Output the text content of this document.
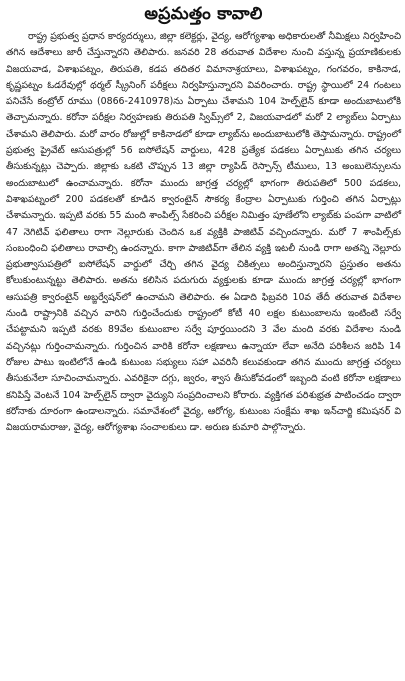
అప్రమత్తం కావాలి

రాష్ట్ర ప్రభుత్వ ప్రధాన కార్యదర్శులు, జిల్లా కలెక్టర్లు, వైద్య, ఆరోగ్యశాఖ అధికారులతో నీమిక్షలు నిర్వహించి తగిన ఆదేశాలు జారీ చేస్తున్నారని తెలిపారు. జనవరి 28 తరువాత విదేశాల నుంచి వస్తున్న ప్రయాణికులకు విజయవాడ, విశాఖపట్నం, తిరుపతి, కడప తదితర విమానాశ్రయాలు, విశాఖపట్నం, గంగవరం, కాకినాడ, కృష్ణపట్నం ఓడరేవుల్లో థర్మల్ స్క్రీనింగ్ పరీక్షలు నిర్వహిస్తున్నారని వివరించారు. రాష్ట్ర స్థాయిలో 24 గంటలు పనిచేసే కంట్రోల్ రూము (0866-2410978)ను ఏర్పాటు చేశామని 104 హెల్ప్‌లైన్ కూడా అందుబాటులోకి తెచ్చామన్నారు. కరోనా పరీక్షల నిర్వహణకు తిరుపతి స్విమ్స్‌లో 2, విజయవాడలో మరో 2 ల్యాబ్‌లు ఏర్పాటు చేశామని తెలిపారు. మరో వారం రోజుల్లో కాకినాడలో కూడా ల్యాబ్‌ను అందుబాటులోకి తెస్తామన్నారు. రాష్ట్రంలో ప్రభుత్వ ప్రైవేట్ ఆసుపత్రుల్లో 56 ఐసోలేషన్ వార్డులు, 428 ప్రత్యేక పడకలు ఏర్పాటుకు తగిన చర్యలు తీసుకున్నట్లు చెప్పారు. జిల్లాకు ఒకటి చొప్పున 13 జిల్లా ర్యాపిడ్ రెస్పాన్స్ టీములు, 13 అంబులెన్సులను అందుబాటులో ఉంచామన్నారు. కరోనా ముందు జాగ్రత్త చర్యల్లో భాగంగా తిరుపతిలో 500 పడకలు, విశాఖపట్నంలో 200 పడకలతో కూడిన క్వారంటైన్ సౌకర్య కేంద్రాల ఏర్పాటుకు గుర్తించి తగిన ఏర్పాట్లు చేశామన్నారు. ఇప్పటి వరకు 55 మంది శాంపిల్స్ సేకరించి పరీక్షల నిమిత్తం పూణేలోని ల్యాబ్‌కు పంపగా వాటిలో 47 నెగిటివ్ ఫలితాలు రాగా నెల్లూరుకు చెందిన ఒక వ్యక్తికి పాజిటివ్ వచ్చిందన్నారు. మరో 7 శాంపిల్స్‌కు సంబంధించి ఫలితాలు రావాల్సి ఉందన్నారు. కాగా పాజిటివ్‌గా తేలిన వ్యక్తి ఇటలీ నుండి రాగా అతన్ని నెల్లూరు ప్రభుత్వాసుపత్రిలో ఐసోలేషన్ వార్డులో చేర్చి తగిన వైద్య చికిత్సలు అందిస్తున్నారని ప్రస్తుతం అతను కోలుకుంటున్నట్టు తెలిపారు. అతను కలిసిన పదుగురు వ్యక్తులకు కూడా ముందు జాగ్రత్త చర్యల్లో భాగంగా ఆసుపత్రి క్వారంటైన్ అబ్జర్వేషన్‌లో ఉంచామని తెలిపారు. ఈ ఏడాది ఫిబ్రవరి 10వ తేదీ తరువాత విదేశాల నుండి రాష్ట్రానికి వచ్చిన వారిని గుర్తించేందుకు రాష్ట్రంలో కోటీ 40 లక్షల కుటుంబాలను ఇంటింటి సర్వే చేపట్టామని ఇప్పటి వరకు 89వేల కుటుంబాల సర్వే పూర్తయిందని 3 వేల మంది వరకు విదేశాల నుండి వచ్చినట్లు గుర్తించామన్నారు. గుర్తించిన వారికి కరోనా లక్షణాలు ఉన్నాయా లేవా అనేది పరిశీలన జరిపి 14 రోజుల పాటు ఇంటిలోనే ఉండి కుటుంబ సభ్యులు సహా ఎవరినీ కలువకుండా తగిన ముందు జాగ్రత్త చర్యలు తీసుకునేలా సూచించామన్నారు. ఎవరికైనా దగ్గు, జ్వరం, శ్వాస తీసుకోవడంలో ఇబ్బంది వంటి కరోనా లక్షణాలు కనిపిస్తే వెంటనే 104 హెల్ప్‌లైన్ ద్వారా వైద్యుని సంప్రదించాలని కోరారు. వ్యక్తిగత పరిశుభ్రత పాటించడం ద్వారా కరోనాకు దూరంగా ఉండాలన్నారు. సమావేశంలో వైద్య, ఆరోగ్య, కుటుంబ సంక్షేమ శాఖ ఇన్‌చార్జి కమిషనర్ వి విజయరామరాజు, వైద్య, ఆరోగ్యశాఖ సంచాలకులు డా. అరుణ కుమారి పాల్గొన్నారు.
